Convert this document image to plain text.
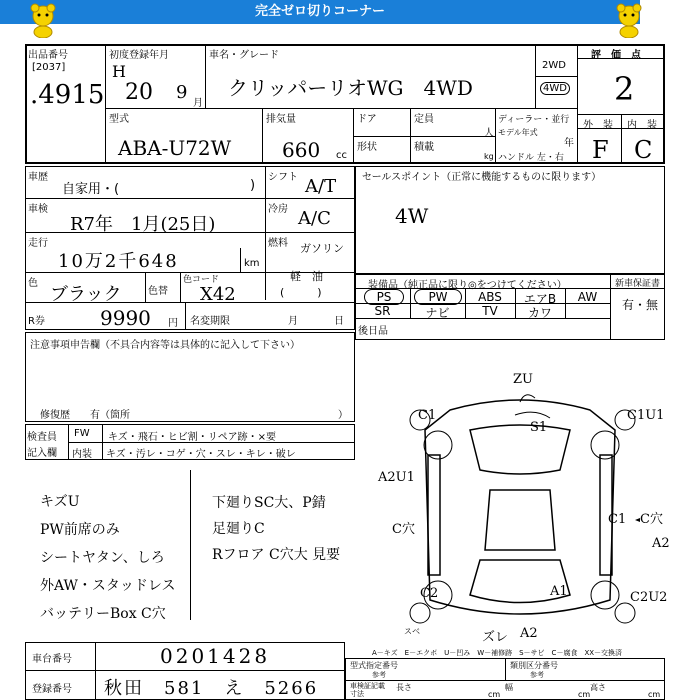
完全ゼロ切りコーナー
出品番号
[2037]
.4915
初度登録年月
H
20 9
月
車名・グレード
クリッパーリオWG　4WD
2WD
4WD
評　価　点
2
外　装 内　装
F C
型式
ABA-U72W
排気量
660 cc
ドア	定員
人
形状	積載
kg
ディーラー・並行
モデル年式
年
ハンドル 左・右
車歴
自家用・(	)
シフト A/T
車検
R7年　1月(25日)
冷房 A/C
走行
10万2千648	km
燃料 ガソリン
軽　油
(　　　)
色
ブラック	色替
色コード
X42
R券	9990 円 名変期限	月	日
セールスポイント（正常に機能するものに限ります）
4W
装備品（純正品に限り◎をつけてください）	新車保証書
有・無
PS	PW	ABS	エアB	AW
SR	ナビ	TV	カワ
後日品
注意事項申告欄（不具合内容等は具体的に記入して下さい）
修復歴　　有（箇所	）
検査員
記入欄
FW キズ・飛石・ヒビ割・リペア跡・×要
内装 キズ・汚レ・コゲ・穴・スレ・キレ・破レ
キズU
PW前席のみ
シートヤタン、しろ
外AW・スタッドレス
バッテリーBox C穴
下廻りSC大、P錆
足廻りC
Rフロア C穴大 見要
ZU
S1
C1	C1U1
A2U1
C穴
C1 C穴
A2
C2	A1	C2U2
スベ	ズレ A2
A－キズ　E－エクボ　U－凹み　W－補修跡　S－サビ　C－腐食　XX－交換済
車台番号	0201428
登録番号 秋田　581　え　5266
型式指定番号
参考
類別区分番号
参考
車検証記載寸法
長さ
cm
幅
cm
高さ
cm
